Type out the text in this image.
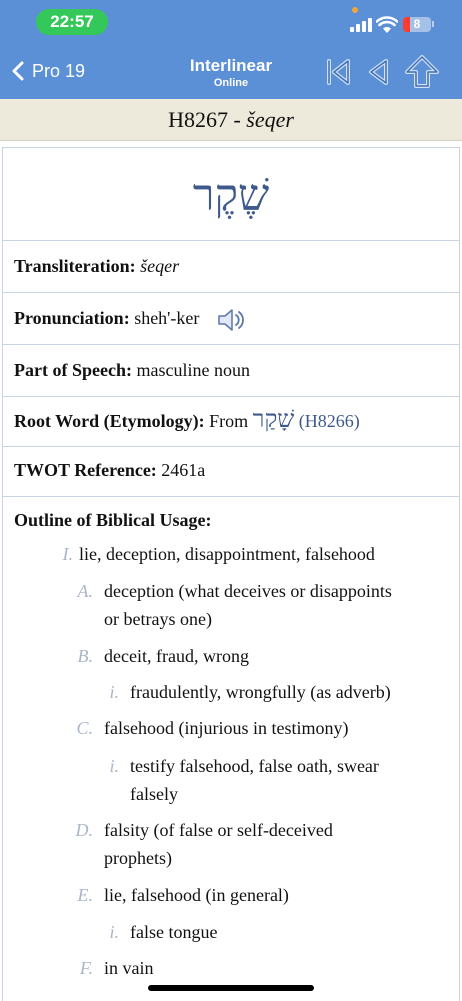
22:57	8
Pro 19	Interlinear
Online
H8267 - šeqer
שֶׁקֶר
Transliteration: šeqer
Pronunciation: sheh'-ker
Part of Speech: masculine noun
Root Word (Etymology): From שָׁקַר (H8266)
TWOT Reference: 2461a
Outline of Biblical Usage:
I. lie, deception, disappointment, falsehood
A. deception (what deceives or disappoints
or betrays one)
B. deceit, fraud, wrong
i. fraudulently, wrongfully (as adverb)
C. falsehood (injurious in testimony)
i. testify falsehood, false oath, swear
falsely
D. falsity (of false or self-deceived
prophets)
E. lie, falsehood (in general)
i. false tongue
F. in vain
